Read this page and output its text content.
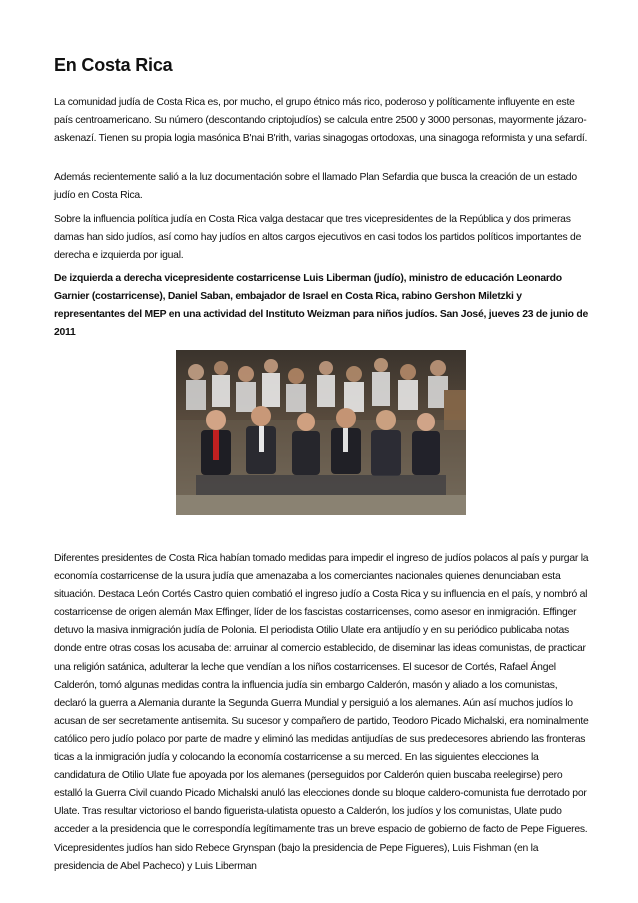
En Costa Rica

La comunidad judía de Costa Rica es, por mucho, el grupo étnico más rico, poderoso y políticamente influyente en este país centroamericano. Su número (descontando criptojudíos) se calcula entre 2500 y 3000 personas, mayormente jázaro-askenazí. Tienen su propia logia masónica B'nai B'rith, varias sinagogas ortodoxas, una sinagoga reformista y una sefardí.

Además recientemente salió a la luz documentación sobre el llamado Plan Sefardia que busca la creación de un estado judío en Costa Rica.

Sobre la influencia política judía en Costa Rica valga destacar que tres vicepresidentes de la República y dos primeras damas han sido judíos, así como hay judíos en altos cargos ejecutivos en casi todos los partidos políticos importantes de derecha e izquierda por igual.

De izquierda a derecha vicepresidente costarricense Luis Liberman (judío), ministro de educación Leonardo Garnier (costarricense), Daniel Saban, embajador de Israel en Costa Rica, rabino Gershon Miletzki y representantes del MEP en una actividad del Instituto Weizman para niños judíos. San José, jueves 23 de junio de 2011

Diferentes presidentes de Costa Rica habían tomado medidas para impedir el ingreso de judíos polacos al país y purgar la economía costarricense de la usura judía que amenazaba a los comerciantes nacionales quienes denunciaban esta situación. Destaca León Cortés Castro quien combatió el ingreso judío a Costa Rica y su influencia en el país, y nombró al costarricense de origen alemán Max Effinger, líder de los fascistas costarricenses, como asesor en inmigración. Effinger detuvo la masiva inmigración judía de Polonia. El periodista Otilio Ulate era antijudío y en su periódico publicaba notas donde entre otras cosas los acusaba de: arruinar al comercio establecido, de diseminar las ideas comunistas, de practicar una religión satánica, adulterar la leche que vendían a los niños costarricenses. El sucesor de Cortés, Rafael Ángel Calderón, tomó algunas medidas contra la influencia judía sin embargo Calderón, masón y aliado a los comunistas, declaró la guerra a Alemania durante la Segunda Guerra Mundial y persiguió a los alemanes. Aún así muchos judíos lo acusan de ser secretamente antisemita. Su sucesor y compañero de partido, Teodoro Picado Michalski, era nominalmente católico pero judío polaco por parte de madre y eliminó las medidas antijudías de sus predecesores abriendo las fronteras ticas a la inmigración judía y colocando la economía costarricense a su merced. En las siguientes elecciones la candidatura de Otilio Ulate fue apoyada por los alemanes (perseguidos por Calderón quien buscaba reelegirse) pero estalló la Guerra Civil cuando Picado Michalski anuló las elecciones donde su bloque caldero-comunista fue derrotado por Ulate. Tras resultar victorioso el bando figuerista-ulatista opuesto a Calderón, los judíos y los comunistas, Ulate pudo acceder a la presidencia que le correspondía legítimamente tras un breve espacio de gobierno de facto de Pepe Figueres. Vicepresidentes judíos han sido Rebece Grynspan (bajo la presidencia de Pepe Figueres), Luis Fishman (en la presidencia de Abel Pacheco) y Luis Liberman
